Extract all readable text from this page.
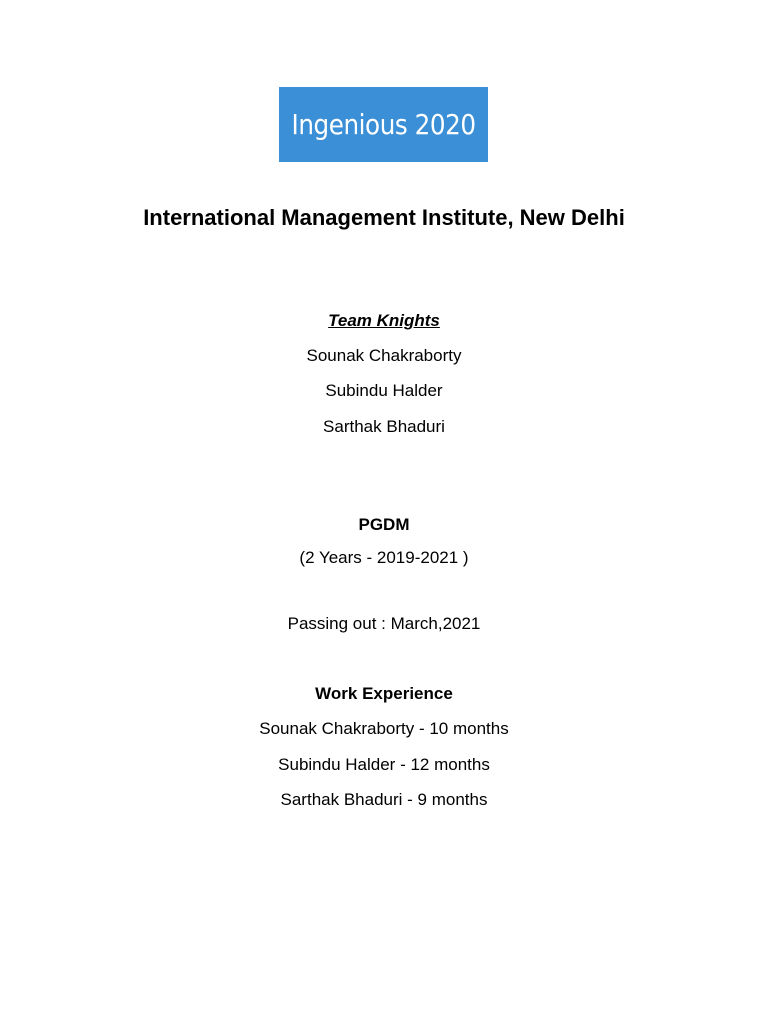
Ingenious 2020
International Management Institute, New Delhi
Team Knights
Sounak Chakraborty
Subindu Halder
Sarthak Bhaduri
PGDM
(2 Years - 2019-2021 )
Passing out : March,2021
Work Experience
Sounak Chakraborty - 10 months
Subindu Halder - 12 months
Sarthak Bhaduri - 9 months
